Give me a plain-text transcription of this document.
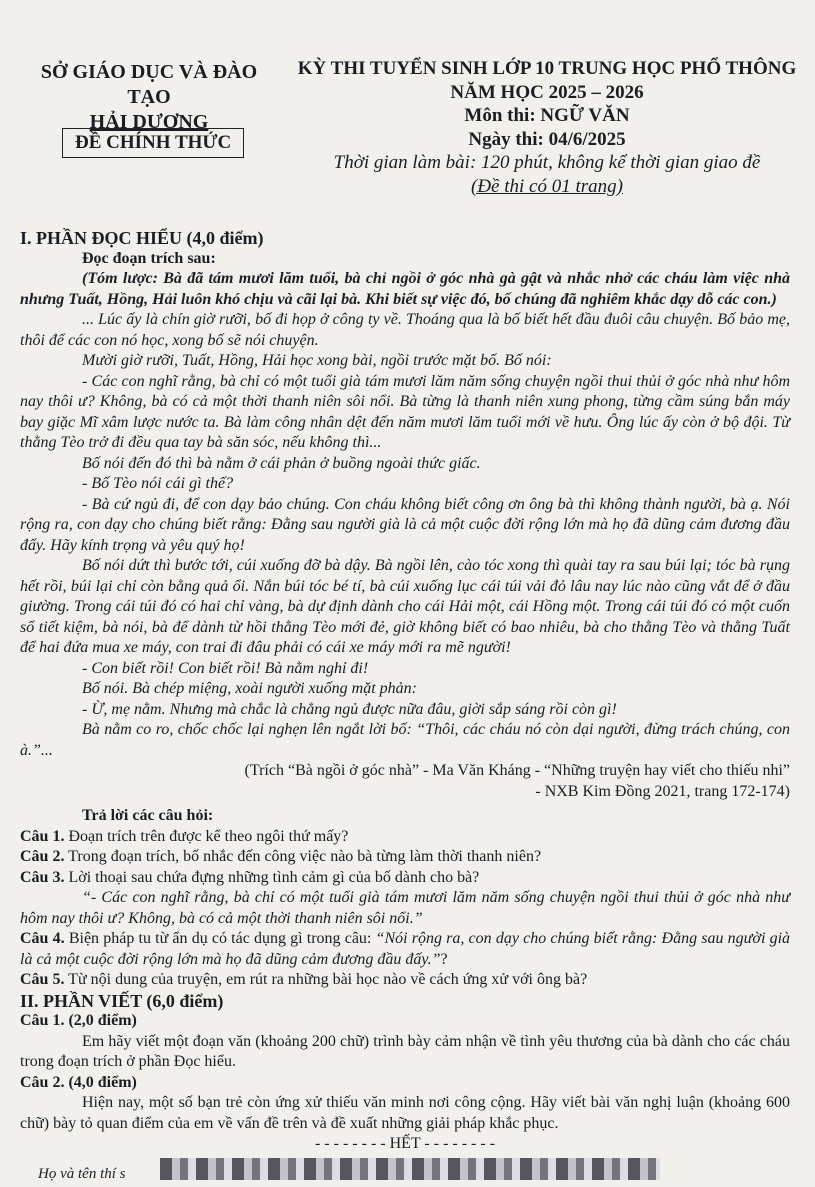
SỞ GIÁO DỤC VÀ ĐÀO TẠO
HẢI DƯƠNG
ĐỀ CHÍNH THỨC
KỲ THI TUYỂN SINH LỚP 10 TRUNG HỌC PHỔ THÔNG
NĂM HỌC 2025 – 2026
Môn thi: NGỮ VĂN
Ngày thi: 04/6/2025
Thời gian làm bài: 120 phút, không kể thời gian giao đề
(Đề thi có 01 trang)

I. PHẦN ĐỌC HIỂU (4,0 điểm)

Đọc đoạn trích sau:

(Tóm lược: Bà đã tám mươi lăm tuổi, bà chỉ ngồi ở góc nhà gà gật và nhắc nhở các cháu làm việc nhà nhưng Tuất, Hồng, Hải luôn khó chịu và cãi lại bà. Khi biết sự việc đó, bố chúng đã nghiêm khắc dạy dỗ các con.)

... Lúc ấy là chín giờ rưỡi, bố đi họp ở công ty về. Thoáng qua là bố biết hết đầu đuôi câu chuyện. Bố bảo mẹ, thôi để các con nó học, xong bố sẽ nói chuyện.

Mười giờ rưỡi, Tuất, Hồng, Hải học xong bài, ngồi trước mặt bố. Bố nói:

- Các con nghĩ rằng, bà chỉ có một tuổi già tám mươi lăm năm sống chuyện ngồi thui thủi ở góc nhà như hôm nay thôi ư? Không, bà có cả một thời thanh niên sôi nổi. Bà từng là thanh niên xung phong, từng cầm súng bắn máy bay giặc Mĩ xâm lược nước ta. Bà làm công nhân dệt đến năm mươi lăm tuổi mới về hưu. Ông lúc ấy còn ở bộ đội. Từ thằng Tèo trở đi đều qua tay bà săn sóc, nếu không thì...

Bố nói đến đó thì bà nằm ở cái phản ở buồng ngoài thức giấc.

- Bố Tèo nói cái gì thế?

- Bà cứ ngủ đi, để con dạy bảo chúng. Con cháu không biết công ơn ông bà thì không thành người, bà ạ. Nói rộng ra, con dạy cho chúng biết rằng: Đằng sau người già là cả một cuộc đời rộng lớn mà họ đã dũng cảm đương đầu đấy. Hãy kính trọng và yêu quý họ!

Bố nói dứt thì bước tới, cúi xuống đỡ bà dậy. Bà ngồi lên, cào tóc xong thì quài tay ra sau búi lại; tóc bà rụng hết rồi, búi lại chỉ còn bằng quả ổi. Nắn búi tóc bé tí, bà cúi xuống lục cái túi vải đỏ lâu nay lúc nào cũng vắt để ở đầu giường. Trong cái túi đó có hai chỉ vàng, bà dự định dành cho cái Hải một, cái Hồng một. Trong cái túi đó có một cuốn sổ tiết kiệm, bà nói, bà để dành từ hồi thằng Tèo mới đẻ, giờ không biết có bao nhiêu, bà cho thằng Tèo và thằng Tuất để hai đứa mua xe máy, con trai đi đâu phải có cái xe máy mới ra mẽ người!

- Con biết rồi! Con biết rồi! Bà nằm nghỉ đi!

Bố nói. Bà chép miệng, xoài người xuống mặt phản:

- Ừ, mẹ nằm. Nhưng mà chắc là chẳng ngủ được nữa đâu, giời sắp sáng rồi còn gì!

Bà nằm co ro, chốc chốc lại nghẹn lên ngắt lời bố: “Thôi, các cháu nó còn dại người, đừng trách chúng, con à.”...

(Trích “Bà ngồi ở góc nhà” - Ma Văn Kháng - “Những truyện hay viết cho thiếu nhi”

- NXB Kim Đồng 2021, trang 172-174)

Trả lời các câu hỏi:

Câu 1. Đoạn trích trên được kể theo ngôi thứ mấy?

Câu 2. Trong đoạn trích, bố nhắc đến công việc nào bà từng làm thời thanh niên?

Câu 3. Lời thoại sau chứa đựng những tình cảm gì của bố dành cho bà?

“- Các con nghĩ rằng, bà chỉ có một tuổi già tám mươi lăm năm sống chuyện ngồi thui thủi ở góc nhà như hôm nay thôi ư? Không, bà có cả một thời thanh niên sôi nổi.”

Câu 4. Biện pháp tu từ ẩn dụ có tác dụng gì trong câu: “Nói rộng ra, con dạy cho chúng biết rằng: Đằng sau người già là cả một cuộc đời rộng lớn mà họ đã dũng cảm đương đầu đấy.”?

Câu 5. Từ nội dung của truyện, em rút ra những bài học nào về cách ứng xử với ông bà?

II. PHẦN VIẾT (6,0 điểm)

Câu 1. (2,0 điểm)

Em hãy viết một đoạn văn (khoảng 200 chữ) trình bày cảm nhận về tình yêu thương của bà dành cho các cháu trong đoạn trích ở phần Đọc hiểu.

Câu 2. (4,0 điểm)

Hiện nay, một số bạn trẻ còn ứng xử thiếu văn minh nơi công cộng. Hãy viết bài văn nghị luận (khoảng 600 chữ) bày tỏ quan điểm của em về vấn đề trên và đề xuất những giải pháp khắc phục.

- - - - - - - - HẾT - - - - - - - -

Họ và tên thí s
